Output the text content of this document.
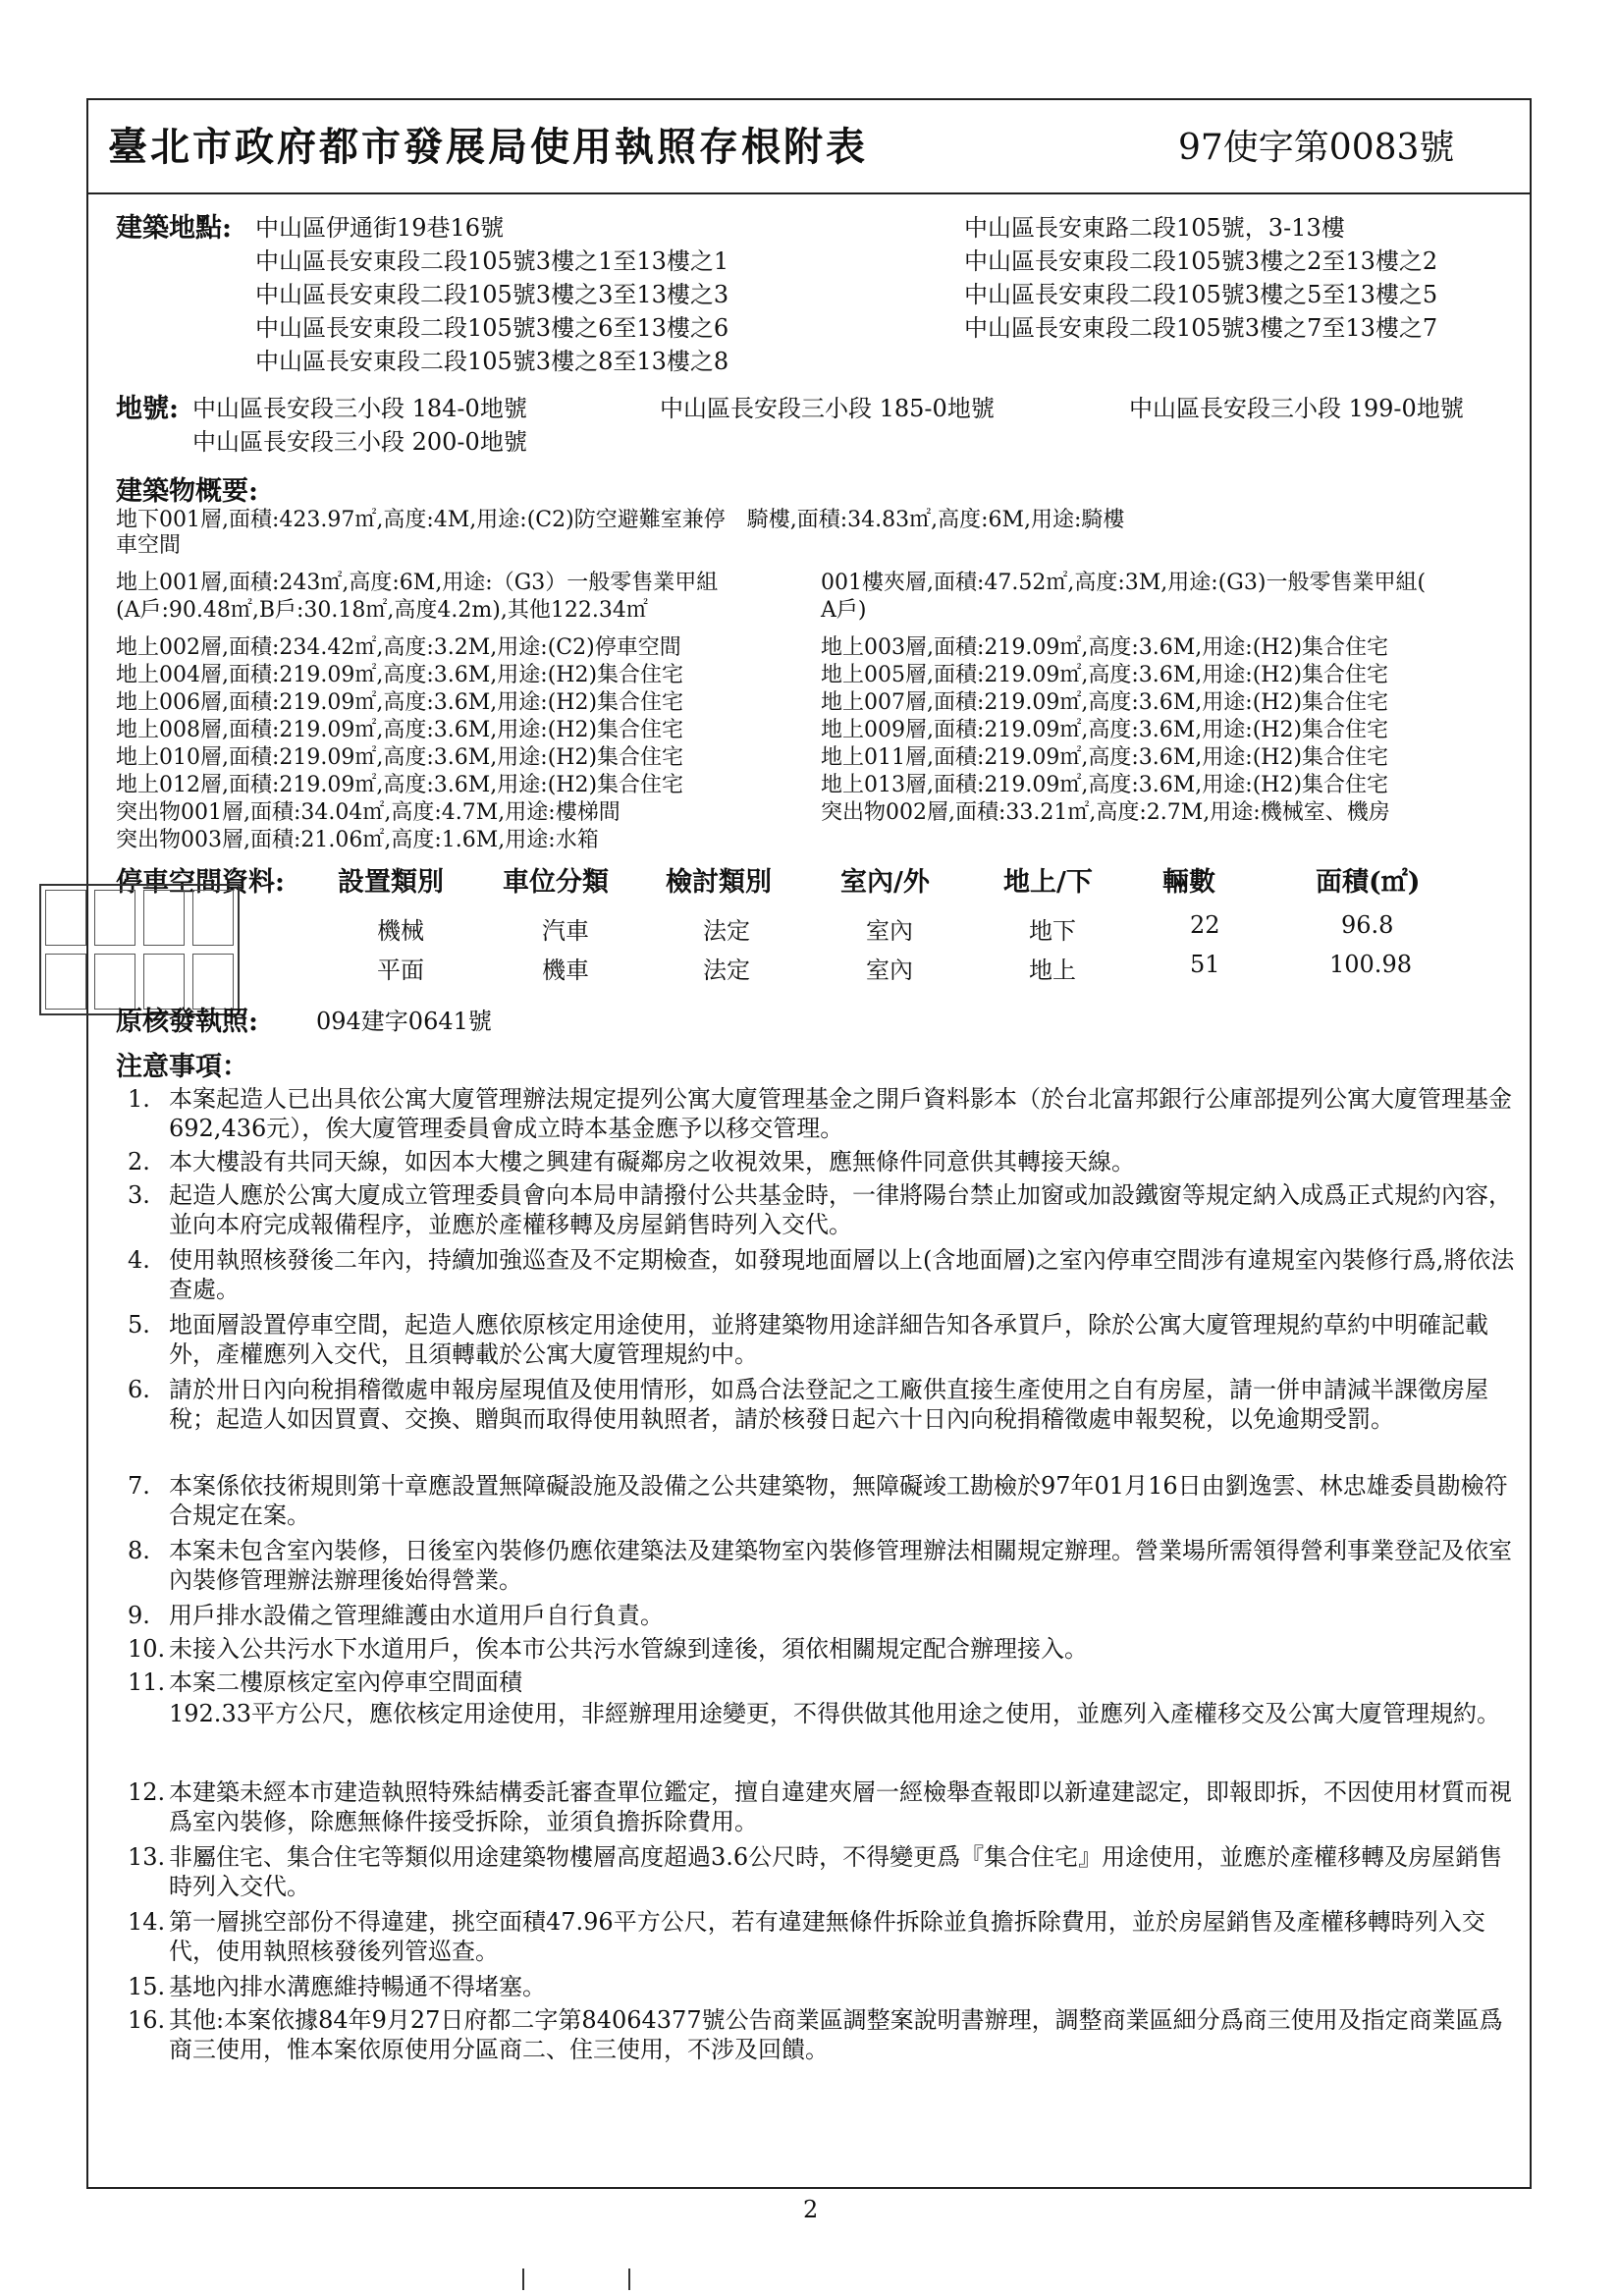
臺北市政府都市發展局使用執照存根附表	97使字第0083號
建築地點: 中山區伊通街19巷16號
中山區長安東段二段105號3樓之1至13樓之1
中山區長安東段二段105號3樓之3至13樓之3
中山區長安東段二段105號3樓之6至13樓之6
中山區長安東段二段105號3樓之8至13樓之8
中山區長安東路二段105號，3-13樓
中山區長安東段二段105號3樓之2至13樓之2
中山區長安東段二段105號3樓之5至13樓之5
中山區長安東段二段105號3樓之7至13樓之7
地號: 中山區長安段三小段 184-0地號	中山區長安段三小段 185-0地號	中山區長安段三小段 199-0地號
中山區長安段三小段 200-0地號
建築物概要:
地下001層,面積:423.97㎡,高度:4M,用途:(C2)防空避難室兼停　騎樓,面積:34.83㎡,高度:6M,用途:騎樓
車空間
地上001層,面積:243㎡,高度:6M,用途:（G3）一般零售業甲組
(A戶:90.48㎡,B戶:30.18㎡,高度4.2m),其他122.34㎡
001樓夾層,面積:47.52㎡,高度:3M,用途:(G3)一般零售業甲組(
A戶)
地上002層,面積:234.42㎡,高度:3.2M,用途:(C2)停車空間
地上004層,面積:219.09㎡,高度:3.6M,用途:(H2)集合住宅
地上006層,面積:219.09㎡,高度:3.6M,用途:(H2)集合住宅
地上008層,面積:219.09㎡,高度:3.6M,用途:(H2)集合住宅
地上010層,面積:219.09㎡,高度:3.6M,用途:(H2)集合住宅
地上012層,面積:219.09㎡,高度:3.6M,用途:(H2)集合住宅
突出物001層,面積:34.04㎡,高度:4.7M,用途:樓梯間
突出物003層,面積:21.06㎡,高度:1.6M,用途:水箱
地上003層,面積:219.09㎡,高度:3.6M,用途:(H2)集合住宅
地上005層,面積:219.09㎡,高度:3.6M,用途:(H2)集合住宅
地上007層,面積:219.09㎡,高度:3.6M,用途:(H2)集合住宅
地上009層,面積:219.09㎡,高度:3.6M,用途:(H2)集合住宅
地上011層,面積:219.09㎡,高度:3.6M,用途:(H2)集合住宅
地上013層,面積:219.09㎡,高度:3.6M,用途:(H2)集合住宅
突出物002層,面積:33.21㎡,高度:2.7M,用途:機械室、機房
停車空間資料: 設置類別 車位分類 檢討類別	室內/外	地上/下	輛數	面積(㎡)
機械	汽車	法定	室內	地下	22	96.8
平面	機車	法定	室內	地上	51	100.98
原核發執照: 094建字0641號
注意事項：
1. 本案起造人已出具依公寓大廈管理辦法規定提列公寓大廈管理基金之開戶資料影本（於台北富邦銀行公庫部提列公寓大廈管理基金692,436元），俟大廈管理委員會成立時本基金應予以移交管理。
2. 本大樓設有共同天線，如因本大樓之興建有礙鄰房之收視效果，應無條件同意供其轉接天線。
3. 起造人應於公寓大廈成立管理委員會向本局申請撥付公共基金時，一律將陽台禁止加窗或加設鐵窗等規定納入成爲正式規約內容，並向本府完成報備程序，並應於產權移轉及房屋銷售時列入交代。
4. 使用執照核發後二年內，持續加強巡查及不定期檢查，如發現地面層以上(含地面層)之室內停車空間涉有違規室內裝修行爲,將依法查處。
5. 地面層設置停車空間，起造人應依原核定用途使用，並將建築物用途詳細告知各承買戶，除於公寓大廈管理規約草約中明確記載外，產權應列入交代，且須轉載於公寓大廈管理規約中。
6. 請於卅日內向稅捐稽徵處申報房屋現值及使用情形，如爲合法登記之工廠供直接生產使用之自有房屋，請一併申請減半課徵房屋稅；起造人如因買賣、交換、贈與而取得使用執照者，請於核發日起六十日內向稅捐稽徵處申報契稅，以免逾期受罰。
7. 本案係依技術規則第十章應設置無障礙設施及設備之公共建築物，無障礙竣工勘檢於97年01月16日由劉逸雲、林忠雄委員勘檢符合規定在案。
8. 本案未包含室內裝修，日後室內裝修仍應依建築法及建築物室內裝修管理辦法相關規定辦理。營業場所需領得營利事業登記及依室內裝修管理辦法辦理後始得營業。
9. 用戶排水設備之管理維護由水道用戶自行負責。
10. 未接入公共污水下水道用戶，俟本市公共污水管線到達後，須依相關規定配合辦理接入。
11. 本案二樓原核定室內停車空間面積
192.33平方公尺，應依核定用途使用，非經辦理用途變更，不得供做其他用途之使用，並應列入產權移交及公寓大廈管理規約。
12. 本建築未經本市建造執照特殊結構委託審查單位鑑定，擅自違建夾層一經檢舉查報即以新違建認定，即報即拆，不因使用材質而視爲室內裝修，除應無條件接受拆除，並須負擔拆除費用。
13. 非屬住宅、集合住宅等類似用途建築物樓層高度超過3.6公尺時，不得變更爲『集合住宅』用途使用，並應於產權移轉及房屋銷售時列入交代。
14. 第一層挑空部份不得違建，挑空面積47.96平方公尺，若有違建無條件拆除並負擔拆除費用，並於房屋銷售及產權移轉時列入交代，使用執照核發後列管巡查。
15. 基地內排水溝應維持暢通不得堵塞。
16. 其他:本案依據84年9月27日府都二字第84064377號公告商業區調整案說明書辦理，調整商業區細分爲商三使用及指定商業區爲商三使用，惟本案依原使用分區商二、住三使用，不涉及回饋。
2
